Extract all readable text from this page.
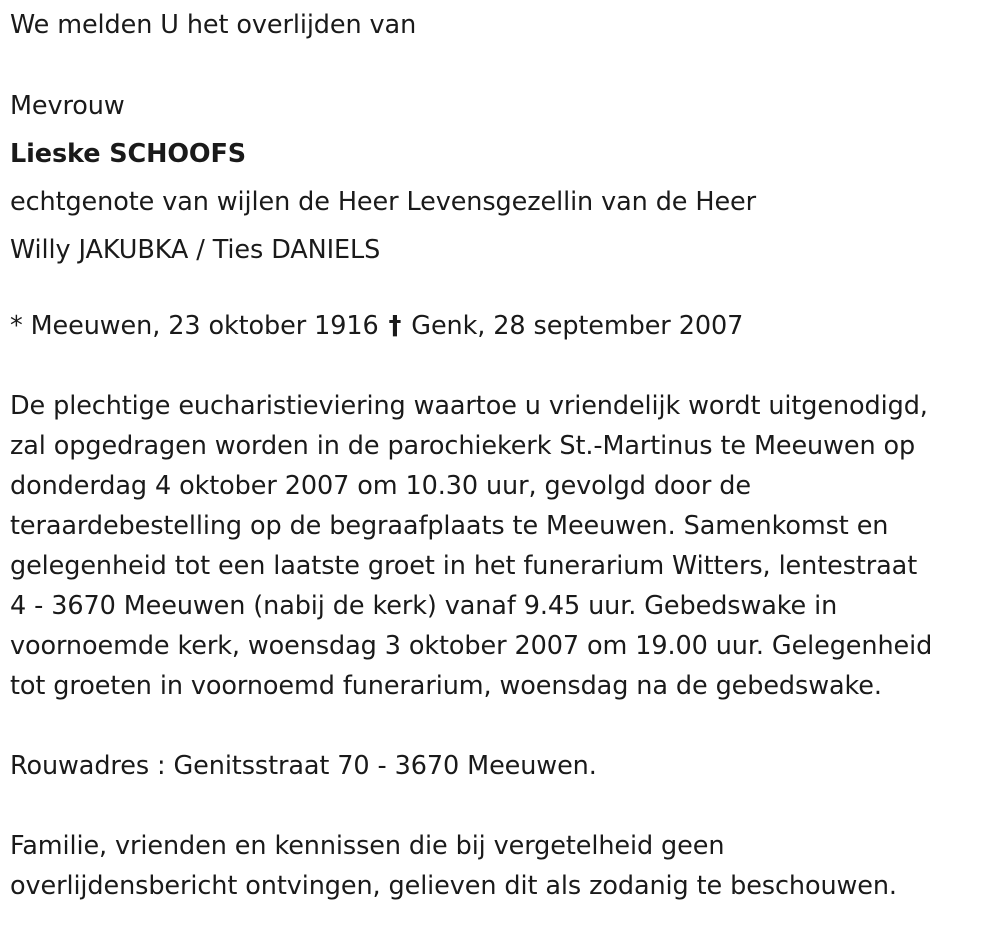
We melden U het overlijden van
Mevrouw
Lieske SCHOOFS
echtgenote van wijlen de Heer Levensgezellin van de Heer
Willy JAKUBKA / Ties DANIELS
* Meeuwen, 23 oktober 1916 † Genk, 28 september 2007
De plechtige eucharistieviering waartoe u vriendelijk wordt uitgenodigd,
zal opgedragen worden in de parochiekerk St.-Martinus te Meeuwen op
donderdag 4 oktober 2007 om 10.30 uur, gevolgd door de
teraardebestelling op de begraafplaats te Meeuwen. Samenkomst en
gelegenheid tot een laatste groet in het funerarium Witters, lentestraat
4 - 3670 Meeuwen (nabij de kerk) vanaf 9.45 uur. Gebedswake in
voornoemde kerk, woensdag 3 oktober 2007 om 19.00 uur. Gelegenheid
tot groeten in voornoemd funerarium, woensdag na de gebedswake.
Rouwadres : Genitsstraat 70 - 3670 Meeuwen.
Familie, vrienden en kennissen die bij vergetelheid geen
overlijdensbericht ontvingen, gelieven dit als zodanig te beschouwen.
